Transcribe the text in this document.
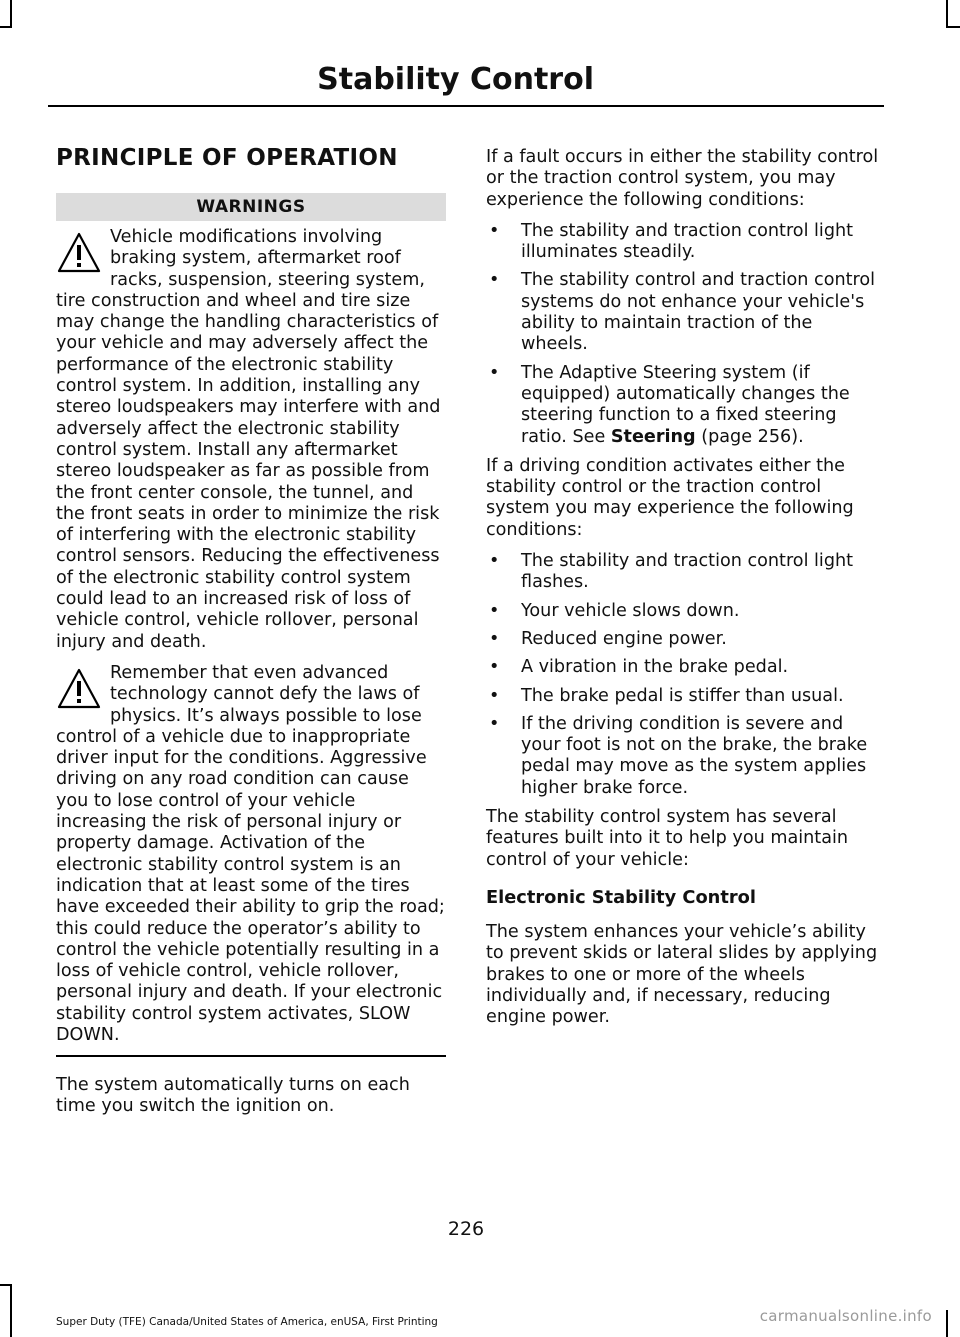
Stability Control
PRINCIPLE OF OPERATION
WARNINGS

Vehicle modifications involving braking system, aftermarket roof racks, suspension, steering system, tire construction and wheel and tire size may change the handling characteristics of your vehicle and may adversely affect the performance of the electronic stability control system. In addition, installing any stereo loudspeakers may interfere with and adversely affect the electronic stability control system. Install any aftermarket stereo loudspeaker as far as possible from the front center console, the tunnel, and the front seats in order to minimize the risk of interfering with the electronic stability control sensors. Reducing the effectiveness of the electronic stability control system could lead to an increased risk of loss of vehicle control, vehicle rollover, personal injury and death.

Remember that even advanced technology cannot defy the laws of physics. It’s always possible to lose control of a vehicle due to inappropriate driver input for the conditions. Aggressive driving on any road condition can cause you to lose control of your vehicle increasing the risk of personal injury or property damage. Activation of the electronic stability control system is an indication that at least some of the tires have exceeded their ability to grip the road; this could reduce the operator’s ability to control the vehicle potentially resulting in a loss of vehicle control, vehicle rollover, personal injury and death. If your electronic stability control system activates, SLOW DOWN.

The system automatically turns on each time you switch the ignition on.

If a fault occurs in either the stability control or the traction control system, you may experience the following conditions:

• The stability and traction control light illuminates steadily.
• The stability control and traction control systems do not enhance your vehicle's ability to maintain traction of the wheels.
• The Adaptive Steering system (if equipped) automatically changes the steering function to a fixed steering ratio. See Steering (page 256).

If a driving condition activates either the stability control or the traction control system you may experience the following conditions:

• The stability and traction control light flashes.
• Your vehicle slows down.
• Reduced engine power.
• A vibration in the brake pedal.
• The brake pedal is stiffer than usual.
• If the driving condition is severe and your foot is not on the brake, the brake pedal may move as the system applies higher brake force.

The stability control system has several features built into it to help you maintain control of your vehicle:

Electronic Stability Control

The system enhances your vehicle’s ability to prevent skids or lateral slides by applying brakes to one or more of the wheels individually and, if necessary, reducing engine power.

226
Super Duty (TFE) Canada/United States of America, enUSA, First Printing	carmanualsonline.info
